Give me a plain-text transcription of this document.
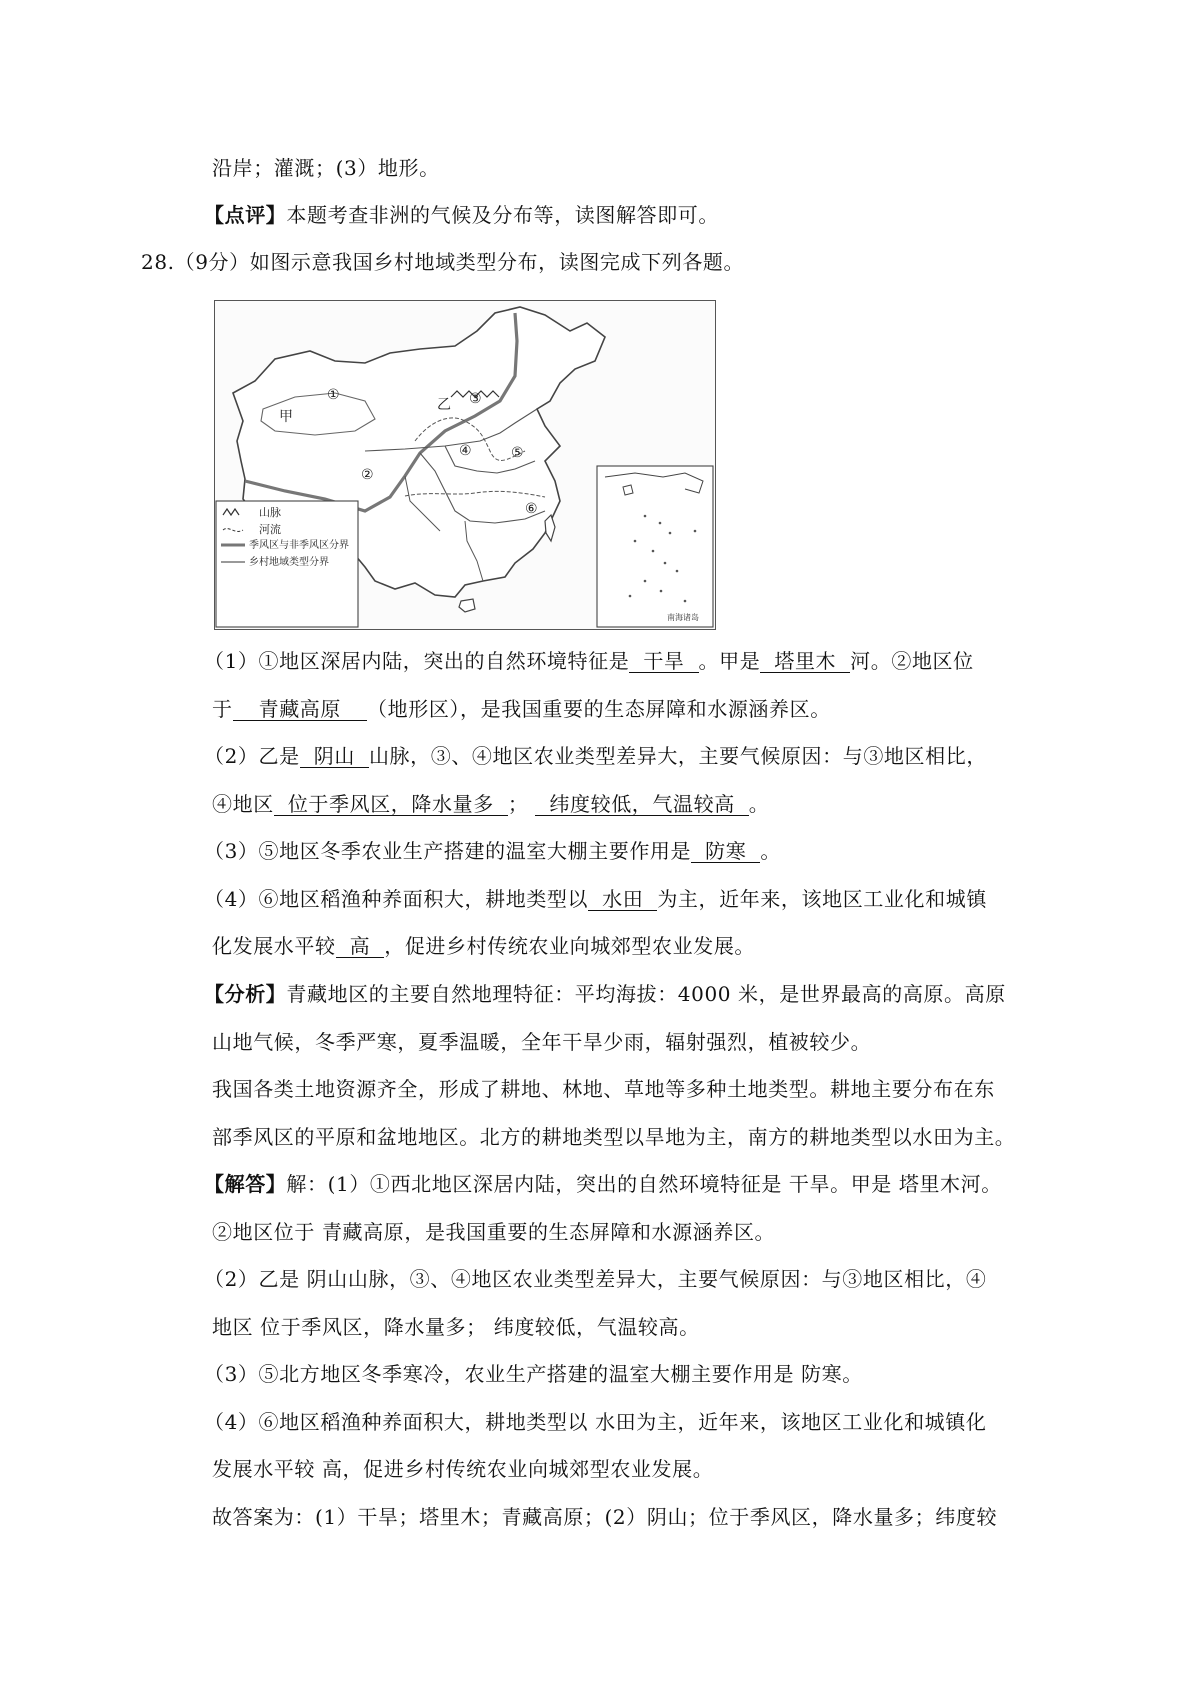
沿岸；灌溉；(3）地形。
【点评】本题考查非洲的气候及分布等，读图解答即可。
28.（9分）如图示意我国乡村地域类型分布，读图完成下列各题。
①
甲
②
③
乙
④	⑤
⑥
山脉
河流
季风区与非季风区分界
乡村地域类型分界
南海诸岛
（1）①地区深居内陆，突出的自然环境特征是 干旱 。甲是 塔里木 河。②地区位
于 青藏高原 （地形区），是我国重要的生态屏障和水源涵养区。
（2）乙是 阴山 山脉，③、④地区农业类型差异大，主要气候原因：与③地区相比，
④地区 位于季风区，降水量多 ； 纬度较低，气温较高 。
（3）⑤地区冬季农业生产搭建的温室大棚主要作用是 防寒 。
（4）⑥地区稻渔种养面积大，耕地类型以 水田 为主，近年来，该地区工业化和城镇
化发展水平较 高 ，促进乡村传统农业向城郊型农业发展。
【分析】青藏地区的主要自然地理特征：平均海拔：4000 米，是世界最高的高原。高原
山地气候，冬季严寒，夏季温暖，全年干旱少雨，辐射强烈，植被较少。
我国各类土地资源齐全，形成了耕地、林地、草地等多种土地类型。耕地主要分布在东
部季风区的平原和盆地地区。北方的耕地类型以旱地为主，南方的耕地类型以水田为主。
【解答】解：(1）①西北地区深居内陆，突出的自然环境特征是 干旱。甲是 塔里木河。
②地区位于 青藏高原，是我国重要的生态屏障和水源涵养区。
（2）乙是 阴山山脉，③、④地区农业类型差异大，主要气候原因：与③地区相比，④
地区 位于季风区，降水量多； 纬度较低，气温较高。
（3）⑤北方地区冬季寒冷，农业生产搭建的温室大棚主要作用是 防寒。
（4）⑥地区稻渔种养面积大，耕地类型以 水田为主，近年来，该地区工业化和城镇化
发展水平较 高，促进乡村传统农业向城郊型农业发展。
故答案为：(1）干旱；塔里木；青藏高原；(2）阴山；位于季风区，降水量多；纬度较
